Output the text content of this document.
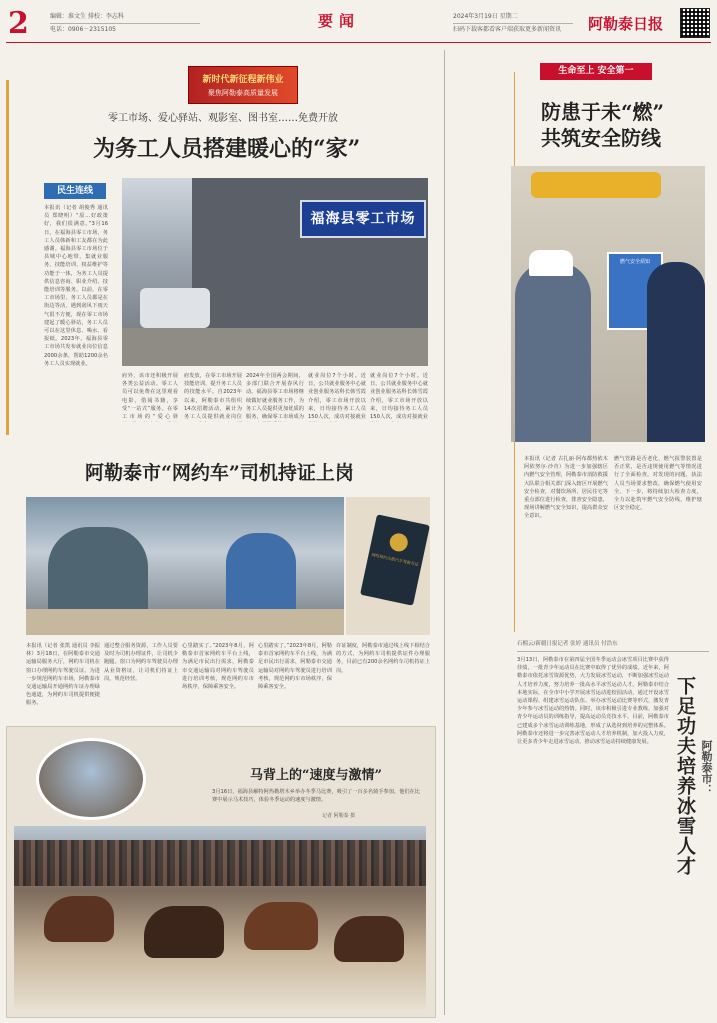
2	编辑：淮文生 排校：李志科
电话：0906－2315105	要闻	2024年3月19日 星期二
扫码下载客都看客户端获取更多新闻资讯 阿勒泰日报
新时代新征程新伟业
聚焦阿勒泰高质量发展
零工市场、爱心驿站、观影室、图书室……免费开放
为务工人员搭建暖心的“家”
民生连线
本报讯（记者 胡俊秀 通讯员 郑晓明）“原…好政策好，我们很满意。”3月16日，在福海县零工市场，务工人员韩新和工友都在为此感谢。福海县零工市场位于县城中心地带，集就业服务、技能培训、权益维护等功能于一体，为务工人员提供信息咨询、职业介绍、技能培训等服务。以前，在零工市场里，务工人员都是在街边等活，遇到刮风下雨天气很不方便，现在零工市场建起了暖心驿站，务工人员可以在这里休息、喝水、看报纸。2023年，福海县零工市场共发布就业岗位信息2000余条，帮助1200余名务工人员实现就业。
福海县零工市场
府外，该市还积极开展各类公益活动。零工人员可以免费在这里观看电影，借阅书籍，享受“一站式”服务。在零工市场的“爱心驿
府发放，在零工市场开展技能培训，提升务工人员的技能水平。自2023年以来，阿勒泰市共组织14次招聘活动，累计为务工人员提供就业岗位
2024年全国两会期间，多部门联合开展春风行动。福海县零工市场将继续做好就业服务工作，为务工人员提供更加优质的服务，确保零工市场成为
就业岗位7个小时。近日，公共就业服务中心就业创业服务站科长韩雪霞介绍，零工市场开放以来，日均接待务工人员150人次，成功对接就业
就业岗位7个小时。近日，公共就业服务中心就业创业服务站科长韩雪霞介绍，零工市场开放以来，日均接待务工人员150人次，成功对接就业
阿勒泰市“网约车”司机持证上岗
网络预约出租汽车驾驶员证
本报讯（记者 张凯 通讯员 李振林）3月18日，在阿勒泰市交通运输局服务大厅，网约车司机在窗口办理网约车驾驶员证。为进一步规范网约车市场，阿勒泰市交通运输局开通网约车证办理绿色通道，为网约车司机提供便捷服务。
通过整合服务资源，工作人员要及时为司机办理证件，让司机少跑腿。窗口为网约车驾驶员办理从业资格证，让司机们持证上岗，规范经营。
心里踏实了。”2023年8月，阿勒泰市首家网约车平台上线，为满足市民出行需求，阿勒泰市交通运输局对网约车驾驶员进行培训考核，规范网约车市场秩序，保障乘客安全。
许证制度，阿勒泰市通过线上线下相结合的方式，为网约车司机提供证件办理服务，目前已有200余名网约车司机持证上岗。
心里踏实了。”2023年8月，阿勒泰市首家网约车平台上线，为满足市民出行需求，阿勒泰市交通运输局对网约车驾驶员进行培训考核，规范网约车市场秩序，保障乘客安全。
马背上的“速度与激情”
3月16日，福海县解特阿热勒塔木乡举办冬季马比赛，吸引了一百多名骑手参加，他们在比赛中展示马术技巧，体验冬季运动的速度与激情。
记者 阿勒泰 摄
生命至上 安全第一
防患于未“燃”
共筑安全防线
燃气安全须知
本报讯（记者 古扎丽·阿布都热依木 阿依努尔·沙肯）为进一步加强辖区内燃气安全管理，阿勒泰市消防救援大队联合相关部门深入辖区开展燃气安全检查，对餐饮场所、居民住宅等重点部位进行检查，排查安全隐患，现场讲解燃气安全知识，提高群众安全意识。
燃气管路是否老化，燃气报警装置是否正常，是否违规使用燃气等情况进行了全面检查。对发现的问题，执法人员当场要求整改，确保燃气使用安全。下一步，将持续加大检查力度，全力以赴筑牢燃气安全防线，维护辖区安全稳定。
石榴云/新疆日报记者 张婷 通讯员 付浩东
3月13日，阿勒泰市在第四届全国冬季运动会冰雪项目比赛中获得佳绩，一批青少年运动员在比赛中取得了优异的成绩。近年来，阿勒泰市依托冰雪资源优势，大力发展冰雪运动，不断加强冰雪运动人才培养力度，努力培养一批高水平冰雪运动人才。阿勒泰市结合本地实际，在全市中小学开展冰雪运动进校园活动，通过开设冰雪运动课程、组建冰雪运动队伍、举办冰雪运动比赛等形式，激发青少年参与冰雪运动的热情。同时，该市积极引进专业教练，加强对青少年运动员的训练指导，提高运动员竞技水平。目前，阿勒泰市已建成多个冰雪运动训练基地，形成了从选材到培养的完整体系。阿勒泰市还将进一步完善冰雪运动人才培养机制，加大投入力度，让更多青少年走进冰雪运动，推动冰雪运动持续健康发展。	下足功夫培养冰雪人才 阿勒泰市：
